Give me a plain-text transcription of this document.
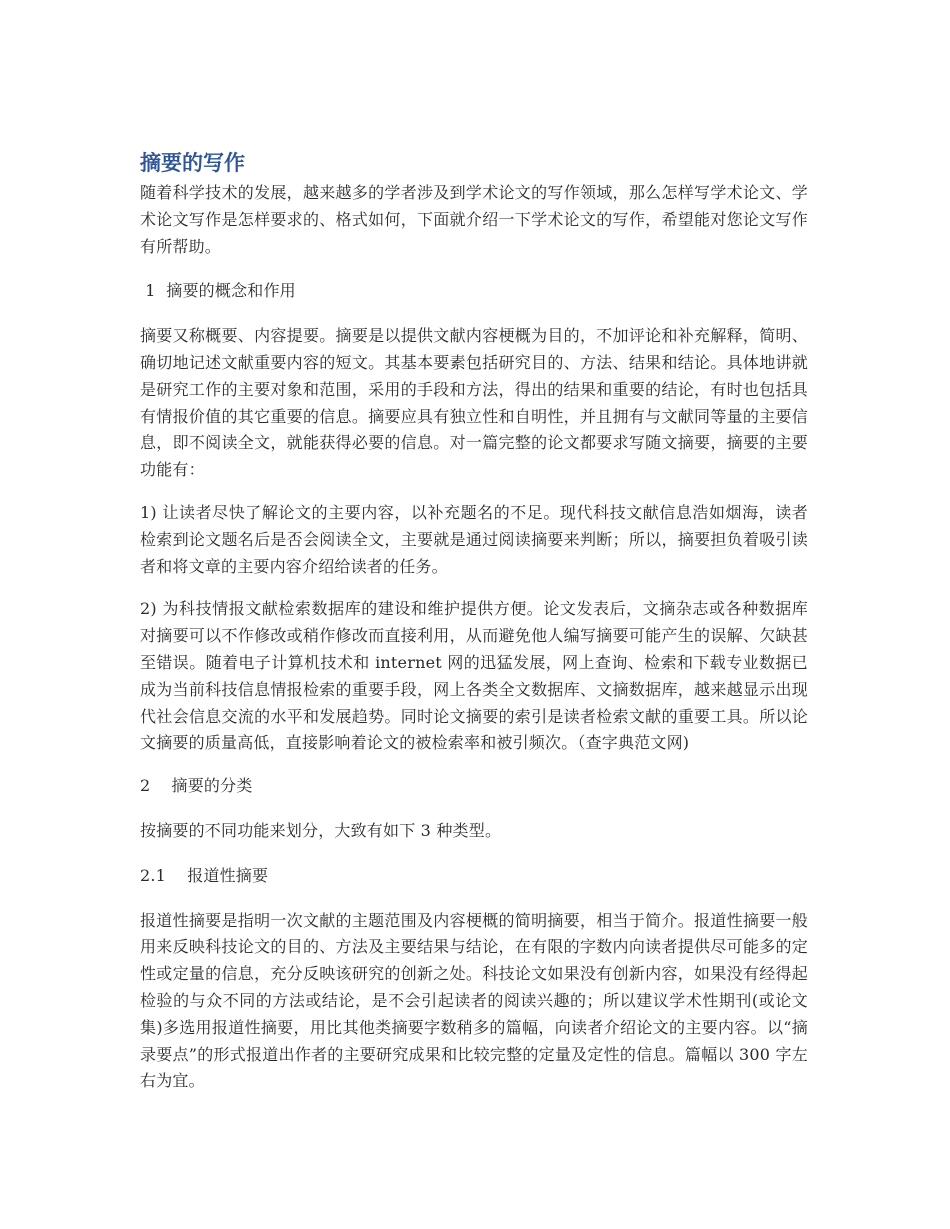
摘要的写作

随着科学技术的发展，越来越多的学者涉及到学术论文的写作领域，那么怎样写学术论文、学术论文写作是怎样要求的、格式如何，下面就介绍一下学术论文的写作，希望能对您论文写作有所帮助。

1  摘要的概念和作用

摘要又称概要、内容提要。摘要是以提供文献内容梗概为目的，不加评论和补充解释，简明、确切地记述文献重要内容的短文。其基本要素包括研究目的、方法、结果和结论。具体地讲就是研究工作的主要对象和范围，采用的手段和方法，得出的结果和重要的结论，有时也包括具有情报价值的其它重要的信息。摘要应具有独立性和自明性，并且拥有与文献同等量的主要信息，即不阅读全文，就能获得必要的信息。对一篇完整的论文都要求写随文摘要，摘要的主要功能有：

1) 让读者尽快了解论文的主要内容，以补充题名的不足。现代科技文献信息浩如烟海，读者检索到论文题名后是否会阅读全文，主要就是通过阅读摘要来判断；所以，摘要担负着吸引读者和将文章的主要内容介绍给读者的任务。

2) 为科技情报文献检索数据库的建设和维护提供方便。论文发表后，文摘杂志或各种数据库对摘要可以不作修改或稍作修改而直接利用，从而避免他人编写摘要可能产生的误解、欠缺甚至错误。随着电子计算机技术和 internet 网的迅猛发展，网上查询、检索和下载专业数据已成为当前科技信息情报检索的重要手段，网上各类全文数据库、文摘数据库，越来越显示出现代社会信息交流的水平和发展趋势。同时论文摘要的索引是读者检索文献的重要工具。所以论文摘要的质量高低，直接影响着论文的被检索率和被引频次。（查字典范文网)

2    摘要的分类

按摘要的不同功能来划分，大致有如下 3 种类型。

2.1    报道性摘要

报道性摘要是指明一次文献的主题范围及内容梗概的简明摘要，相当于简介。报道性摘要一般用来反映科技论文的目的、方法及主要结果与结论，在有限的字数内向读者提供尽可能多的定性或定量的信息，充分反映该研究的创新之处。科技论文如果没有创新内容，如果没有经得起检验的与众不同的方法或结论，是不会引起读者的阅读兴趣的；所以建议学术性期刊(或论文集)多选用报道性摘要，用比其他类摘要字数稍多的篇幅，向读者介绍论文的主要内容。以“摘录要点”的形式报道出作者的主要研究成果和比较完整的定量及定性的信息。篇幅以 300 字左右为宜。
